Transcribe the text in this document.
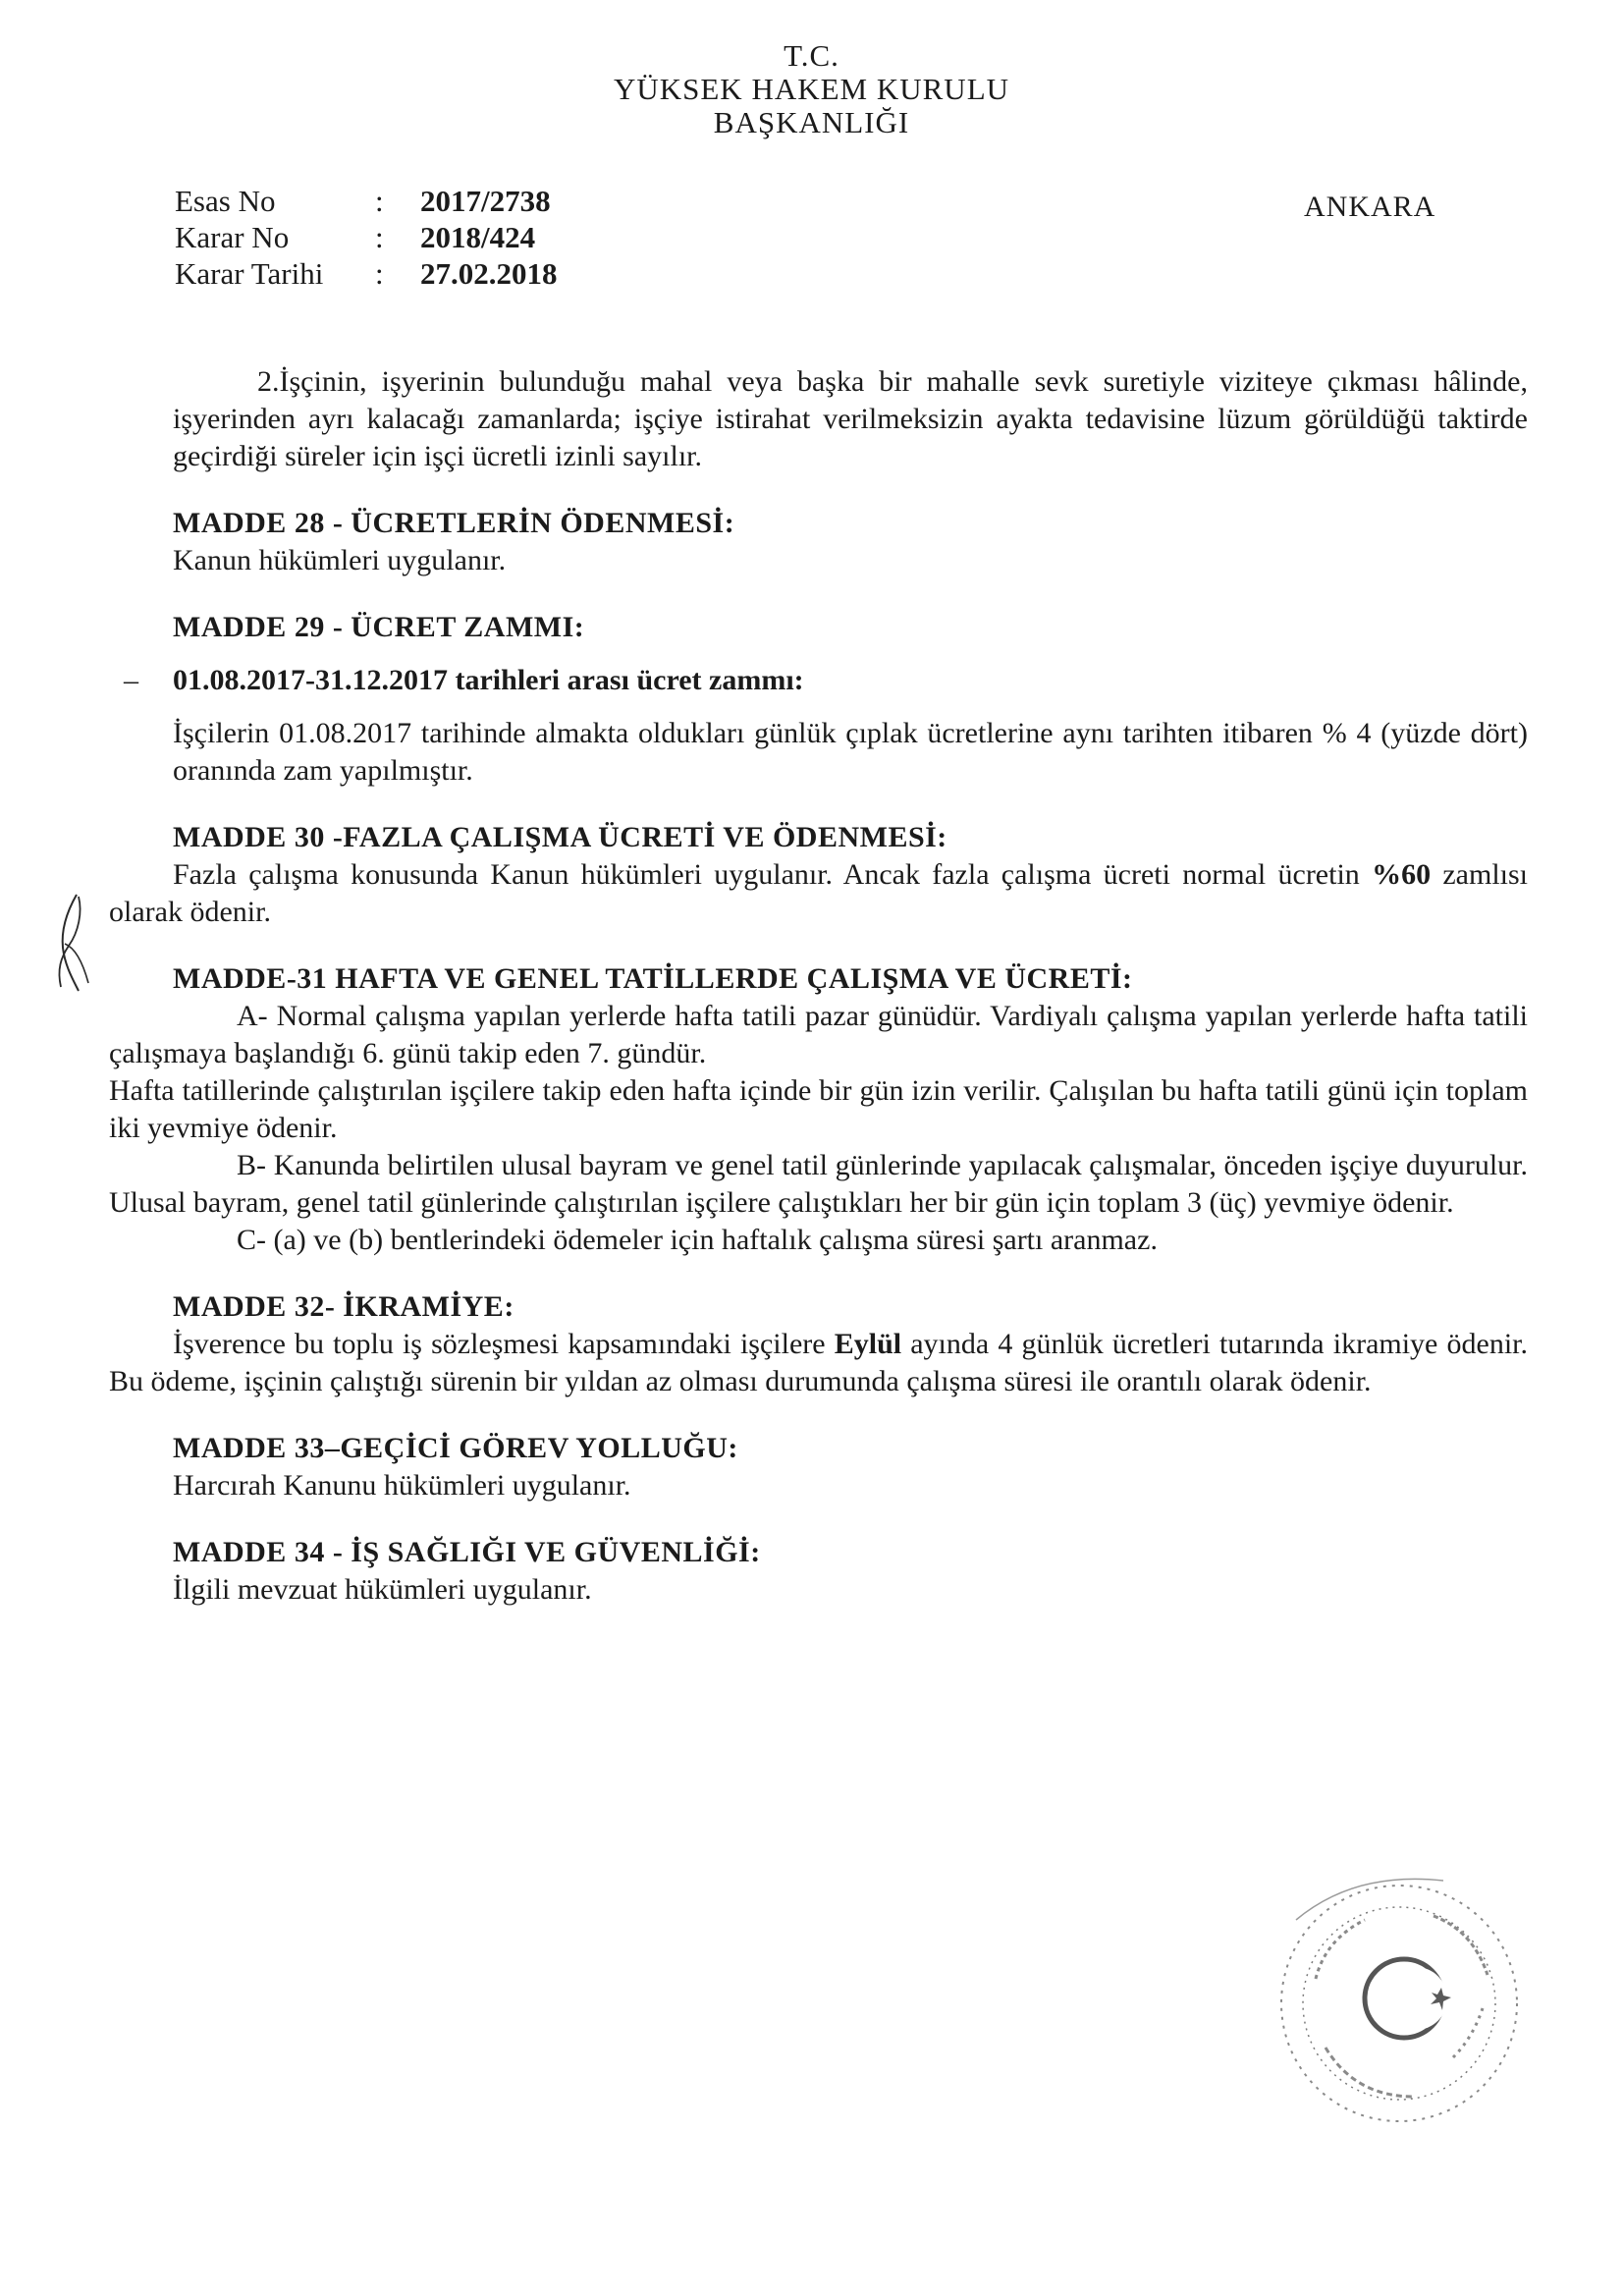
T.C.
YÜKSEK HAKEM KURULU
BAŞKANLIĞI
Esas No	:	2017/2738
Karar No	:	2018/424
Karar Tarihi	:	27.02.2018
ANKARA

2.İşçinin, işyerinin bulunduğu mahal veya başka bir mahalle sevk suretiyle viziteye çıkması hâlinde, işyerinden ayrı kalacağı zamanlarda; işçiye istirahat verilmeksizin ayakta tedavisine lüzum görüldüğü taktirde geçirdiği süreler için işçi ücretli izinli sayılır.

MADDE 28 - ÜCRETLERİN ÖDENMESİ:

Kanun hükümleri uygulanır.

MADDE 29 - ÜCRET ZAMMI:

– 01.08.2017-31.12.2017 tarihleri arası ücret zammı:

İşçilerin 01.08.2017 tarihinde almakta oldukları günlük çıplak ücretlerine aynı tarihten itibaren % 4 (yüzde dört) oranında zam yapılmıştır.

MADDE 30 -FAZLA ÇALIŞMA ÜCRETİ VE ÖDENMESİ:

Fazla çalışma konusunda Kanun hükümleri uygulanır. Ancak fazla çalışma ücreti normal ücretin %60 zamlısı olarak ödenir.

MADDE-31 HAFTA VE GENEL TATİLLERDE ÇALIŞMA VE ÜCRETİ:

A- Normal çalışma yapılan yerlerde hafta tatili pazar günüdür. Vardiyalı çalışma yapılan yerlerde hafta tatili çalışmaya başlandığı 6. günü takip eden 7. gündür.

Hafta tatillerinde çalıştırılan işçilere takip eden hafta içinde bir gün izin verilir. Çalışılan bu hafta tatili günü için toplam iki yevmiye ödenir.

B- Kanunda belirtilen ulusal bayram ve genel tatil günlerinde yapılacak çalışmalar, önceden işçiye duyurulur. Ulusal bayram, genel tatil günlerinde çalıştırılan işçilere çalıştıkları her bir gün için toplam 3 (üç) yevmiye ödenir.

C- (a) ve (b) bentlerindeki ödemeler için haftalık çalışma süresi şartı aranmaz.

MADDE 32- İKRAMİYE:

İşverence bu toplu iş sözleşmesi kapsamındaki işçilere Eylül ayında 4 günlük ücretleri tutarında ikramiye ödenir. Bu ödeme, işçinin çalıştığı sürenin bir yıldan az olması durumunda çalışma süresi ile orantılı olarak ödenir.

MADDE 33–GEÇİCİ GÖREV YOLLUĞU:

Harcırah Kanunu hükümleri uygulanır.

MADDE 34 - İŞ SAĞLIĞI VE GÜVENLİĞİ:

İlgili mevzuat hükümleri uygulanır.
